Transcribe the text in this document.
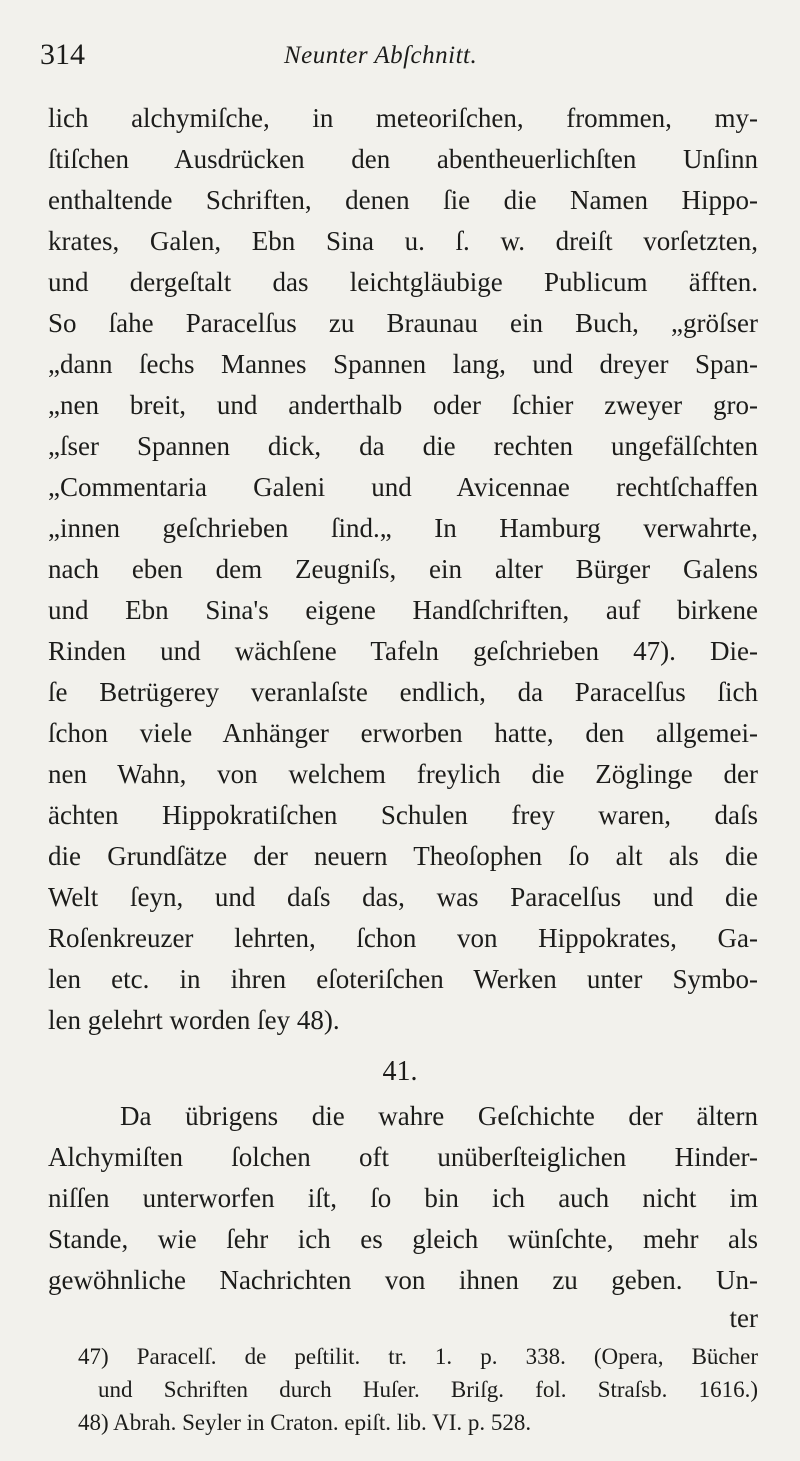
314	Neunter Abſchnitt.
lich alchymiſche, in meteoriſchen, frommen, my-
ſtiſchen Ausdrücken den abentheuerlichſten Unſinn
enthaltende Schriften, denen ſie die Namen Hippo-
krates, Galen, Ebn Sina u. ſ. w. dreiſt vorſetzten,
und dergeſtalt das leichtgläubige Publicum äfften.
So ſahe Paracelſus zu Braunau ein Buch, „gröſser
„dann ſechs Mannes Spannen lang, und dreyer Span-
„nen breit, und anderthalb oder ſchier zweyer gro-
„ſser Spannen dick, da die rechten ungefälſchten
„Commentaria Galeni und Avicennae rechtſchaffen
„innen geſchrieben ſind.„ In Hamburg verwahrte,
nach eben dem Zeugniſs, ein alter Bürger Galens
und Ebn Sina's eigene Handſchriften, auf birkene
Rinden und wächſene Tafeln geſchrieben 47). Die-
ſe Betrügerey veranlaſste endlich, da Paracelſus ſich
ſchon viele Anhänger erworben hatte, den allgemei-
nen Wahn, von welchem freylich die Zöglinge der
ächten Hippokratiſchen Schulen frey waren, daſs
die Grundſätze der neuern Theoſophen ſo alt als die
Welt ſeyn, und daſs das, was Paracelſus und die
Roſenkreuzer lehrten, ſchon von Hippokrates, Ga-
len etc. in ihren eſoteriſchen Werken unter Symbo-
len gelehrt worden ſey 48).
41.
Da übrigens die wahre Geſchichte der ältern
Alchymiſten ſolchen oft unüberſteiglichen Hinder-
niſſen unterworfen iſt, ſo bin ich auch nicht im
Stande, wie ſehr ich es gleich wünſchte, mehr als
gewöhnliche Nachrichten von ihnen zu geben. Un-
ter
47) Paracelſ. de peſtilit. tr. 1. p. 338. (Opera, Bücher
und Schriften durch Huſer. Briſg. fol. Straſsb. 1616.)
48) Abrah. Seyler in Craton. epiſt. lib. VI. p. 528.
